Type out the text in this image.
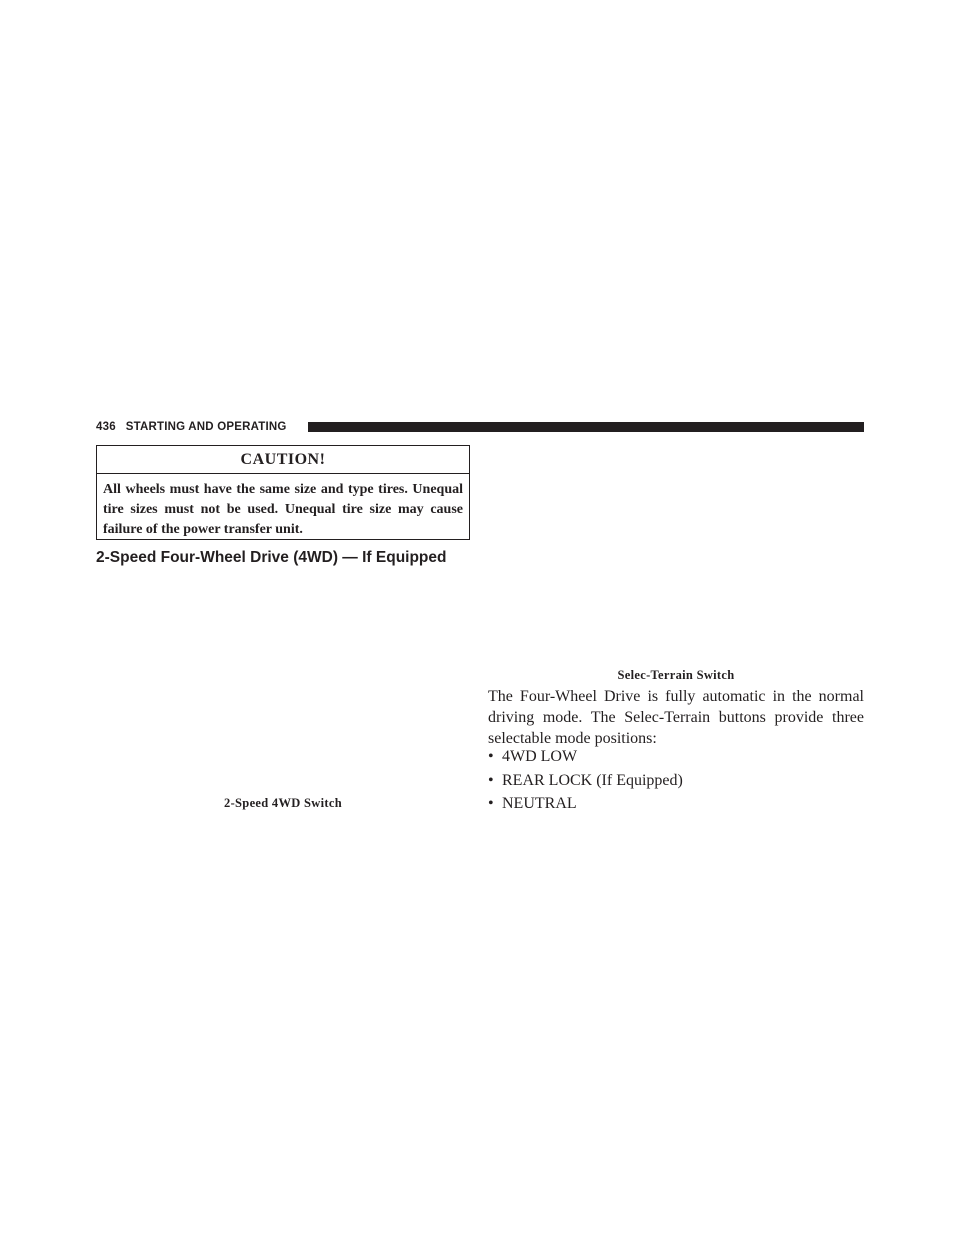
436 STARTING AND OPERATING
CAUTION!
All wheels must have the same size and type tires. Unequal tire sizes must not be used. Unequal tire size may cause failure of the power transfer unit.
2-Speed Four-Wheel Drive (4WD) — If Equipped
2-Speed 4WD Switch
Selec-Terrain Switch
The Four-Wheel Drive is fully automatic in the normal driving mode. The Selec-Terrain buttons provide three selectable mode positions:
• 4WD LOW
• REAR LOCK (If Equipped)
• NEUTRAL
